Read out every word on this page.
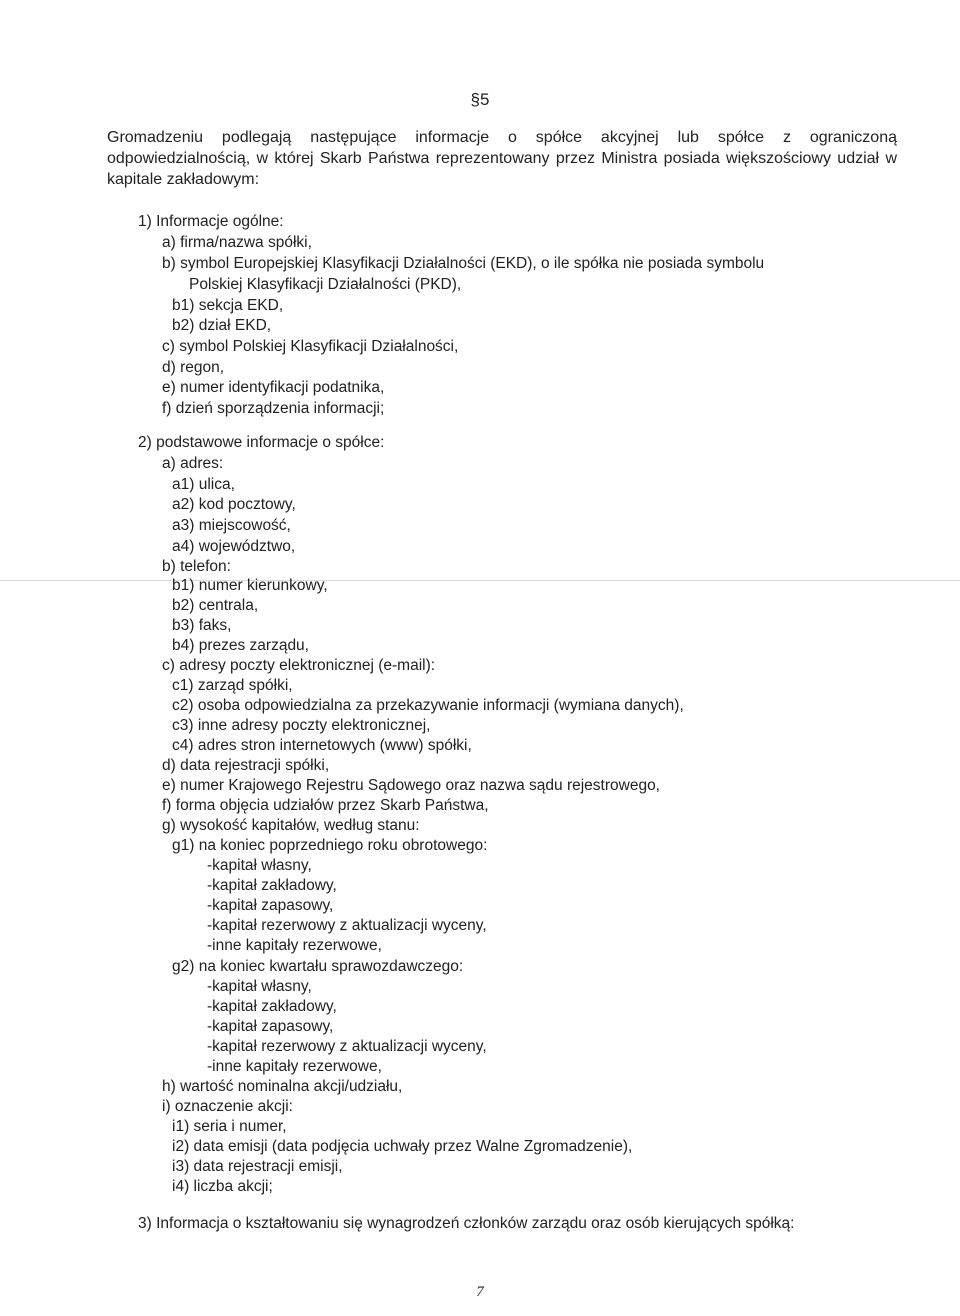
§5
Gromadzeniu podlegają następujące informacje o spółce akcyjnej lub spółce z ograniczoną odpowiedzialnością, w której Skarb Państwa reprezentowany przez Ministra posiada większościowy udział w kapitale zakładowym:
1) Informacje ogólne:
a) firma/nazwa spółki,
b) symbol Europejskiej Klasyfikacji Działalności (EKD), o ile spółka nie posiada symbolu
Polskiej Klasyfikacji Działalności (PKD),
b1) sekcja EKD,
b2) dział EKD,
c) symbol Polskiej Klasyfikacji Działalności,
d) regon,
e) numer identyfikacji podatnika,
f) dzień sporządzenia informacji;
2) podstawowe informacje o spółce:
a) adres:
a1) ulica,
a2) kod pocztowy,
a3) miejscowość,
a4) województwo,
b) telefon:
b1) numer kierunkowy,
b2) centrala,
b3) faks,
b4) prezes zarządu,
c) adresy poczty elektronicznej (e-mail):
c1) zarząd spółki,
c2) osoba odpowiedzialna za przekazywanie informacji (wymiana danych),
c3) inne adresy poczty elektronicznej,
c4) adres stron internetowych (www) spółki,
d) data rejestracji spółki,
e) numer Krajowego Rejestru Sądowego oraz nazwa sądu rejestrowego,
f) forma objęcia udziałów przez Skarb Państwa,
g) wysokość kapitałów, według stanu:
g1) na koniec poprzedniego roku obrotowego:
-kapitał własny,
-kapitał zakładowy,
-kapitał zapasowy,
-kapitał rezerwowy z aktualizacji wyceny,
-inne kapitały rezerwowe,
g2) na koniec kwartału sprawozdawczego:
-kapitał własny,
-kapitał zakładowy,
-kapitał zapasowy,
-kapitał rezerwowy z aktualizacji wyceny,
-inne kapitały rezerwowe,
h) wartość nominalna akcji/udziału,
i) oznaczenie akcji:
i1) seria i numer,
i2) data emisji (data podjęcia uchwały przez Walne Zgromadzenie),
i3) data rejestracji emisji,
i4) liczba akcji;
3) Informacja o kształtowaniu się wynagrodzeń członków zarządu oraz osób kierujących spółką:
7
